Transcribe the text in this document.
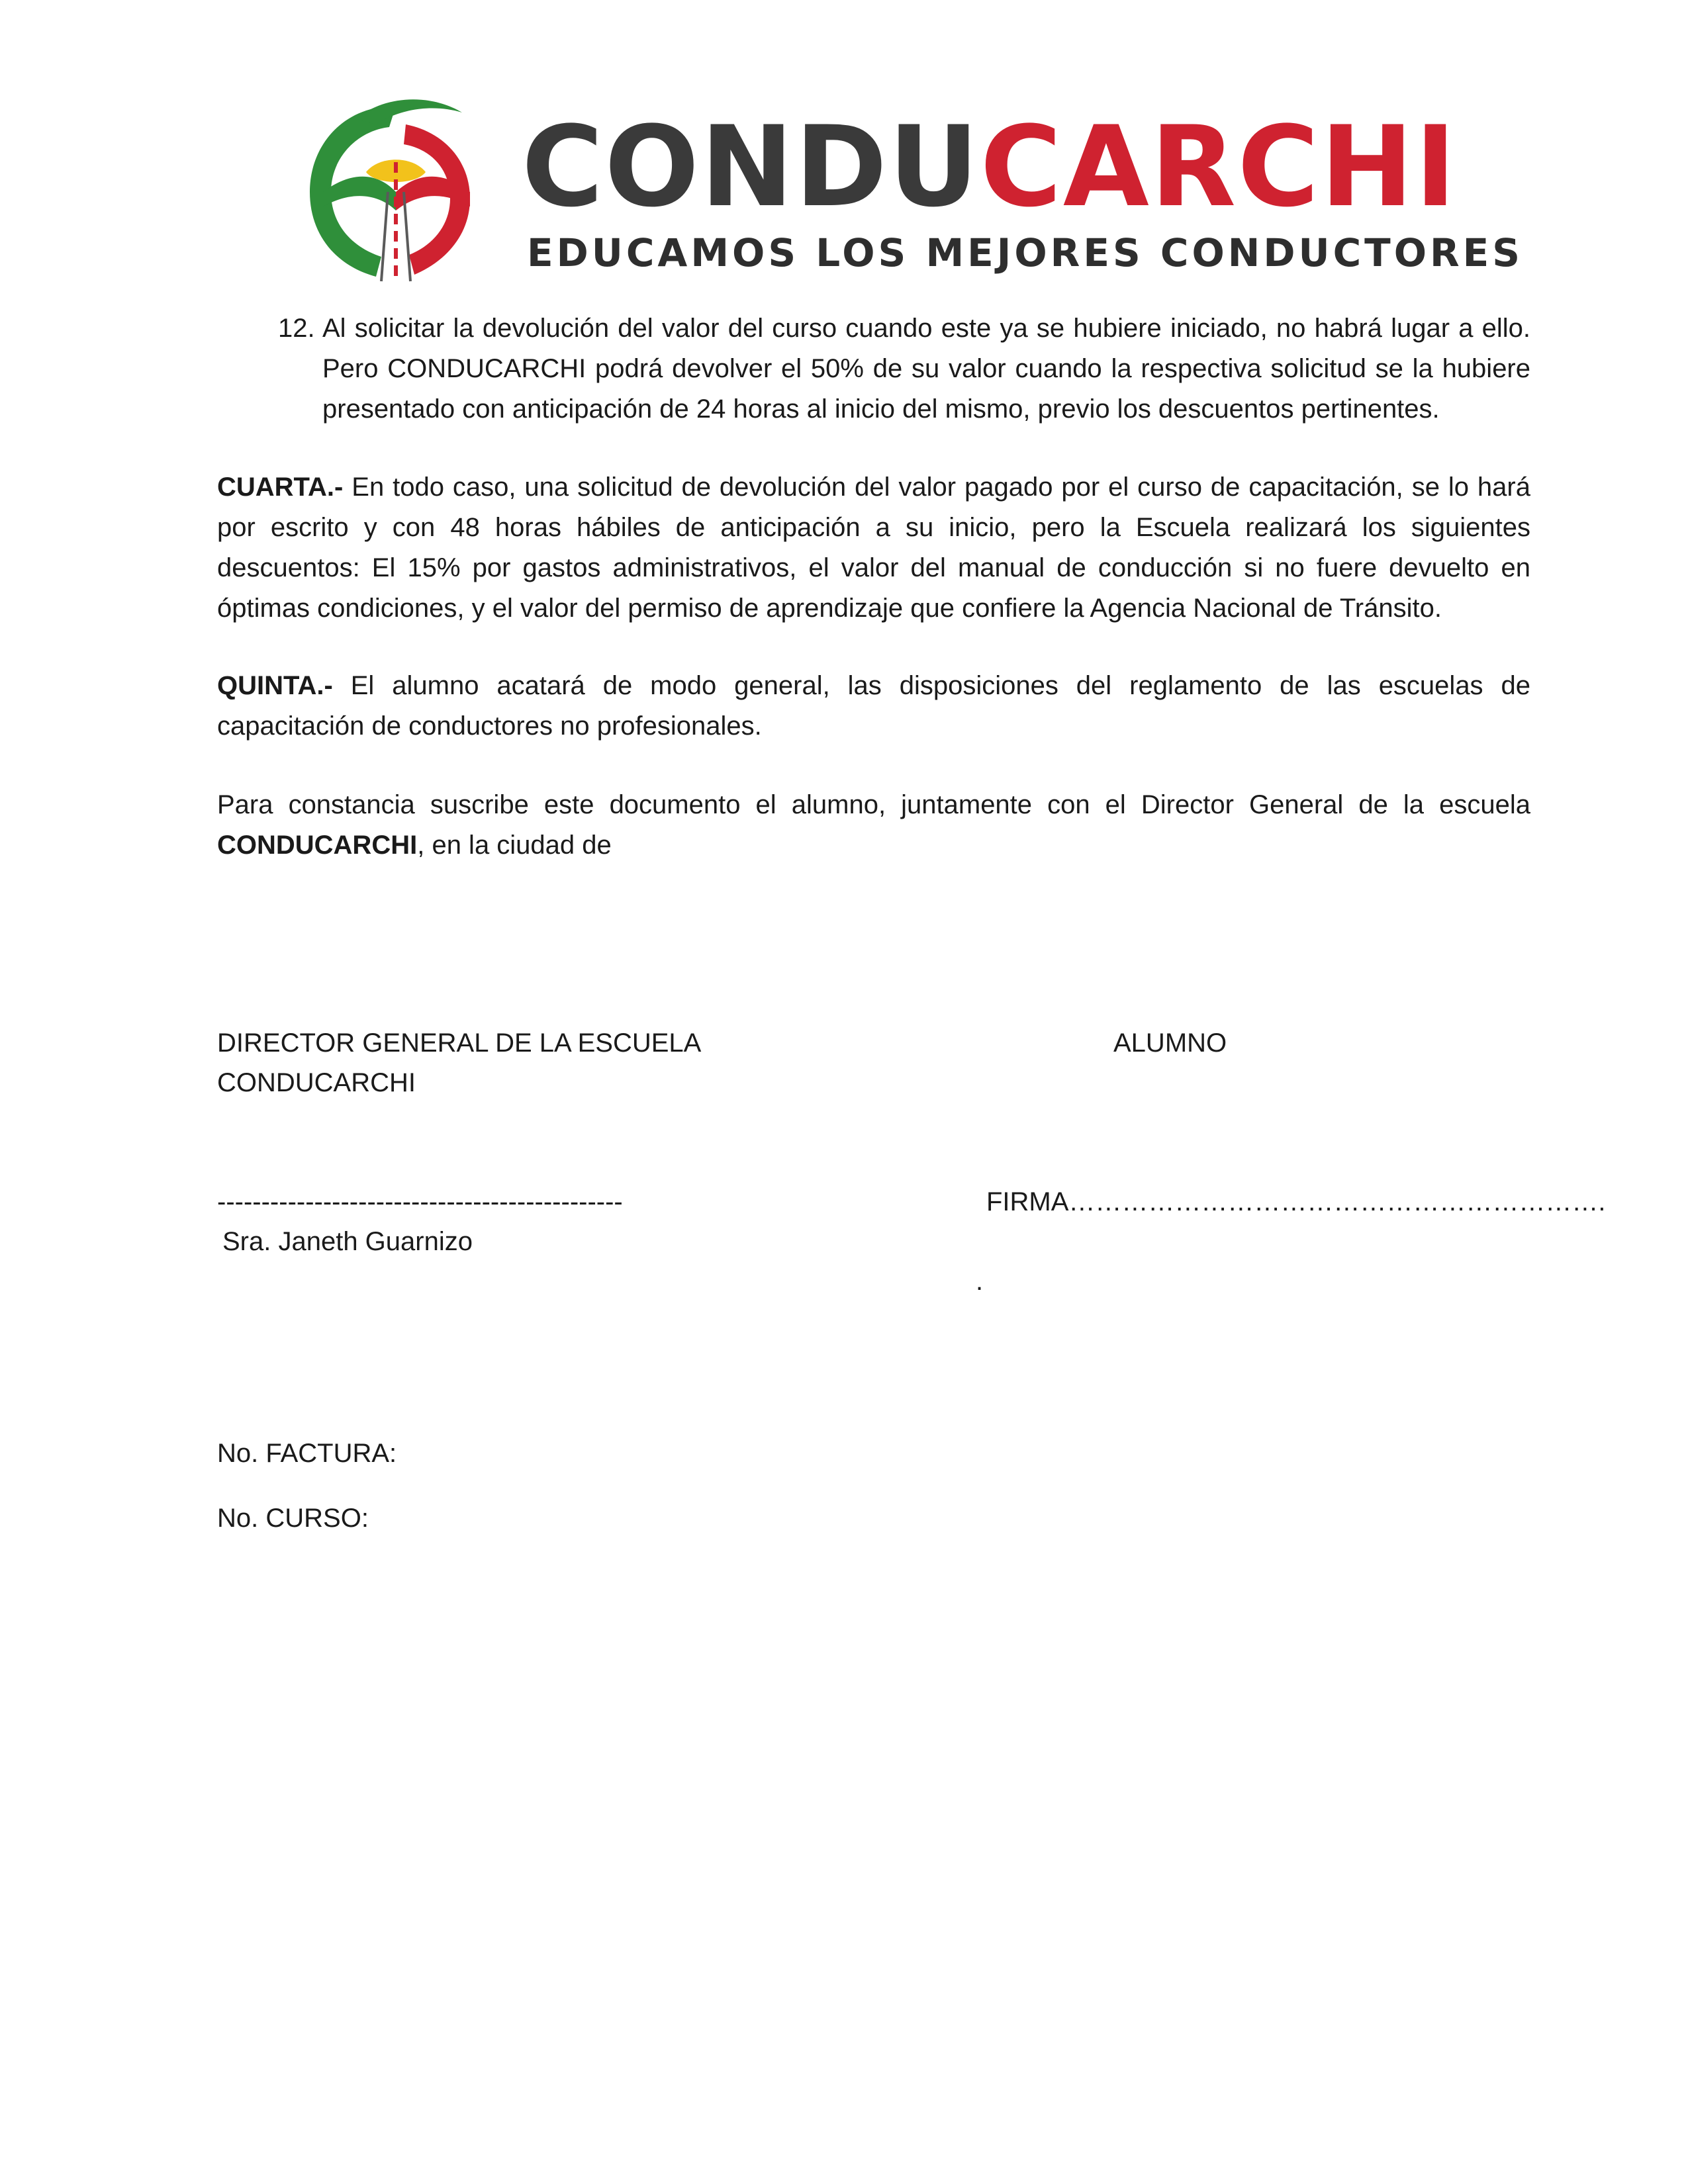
CONDUCARCHI
EDUCAMOS LOS MEJORES CONDUCTORES
12. Al solicitar la devolución del valor del curso cuando este ya se hubiere iniciado, no habrá lugar a ello. Pero CONDUCARCHI podrá devolver el 50% de su valor cuando la respectiva solicitud se la hubiere presentado con anticipación de 24 horas al inicio del mismo, previo los descuentos pertinentes.
CUARTA.- En todo caso, una solicitud de devolución del valor pagado por el curso de capacitación, se lo hará por escrito y con 48 horas hábiles de anticipación a su inicio, pero la Escuela realizará los siguientes descuentos: El 15% por gastos administrativos, el valor del manual de conducción si no fuere devuelto en óptimas condiciones, y el valor del permiso de aprendizaje que confiere la Agencia Nacional de Tránsito.
QUINTA.- El alumno acatará de modo general, las disposiciones del reglamento de las escuelas de capacitación de conductores no profesionales.
Para constancia suscribe este documento el alumno, juntamente con el Director General de la escuela CONDUCARCHI, en la ciudad de
DIRECTOR GENERAL DE LA ESCUELA
CONDUCARCHI
ALUMNO
----------------------------------------------
Sra. Janeth Guarnizo
FIRMA…………………………………………………….
.
No. FACTURA:
No. CURSO:
